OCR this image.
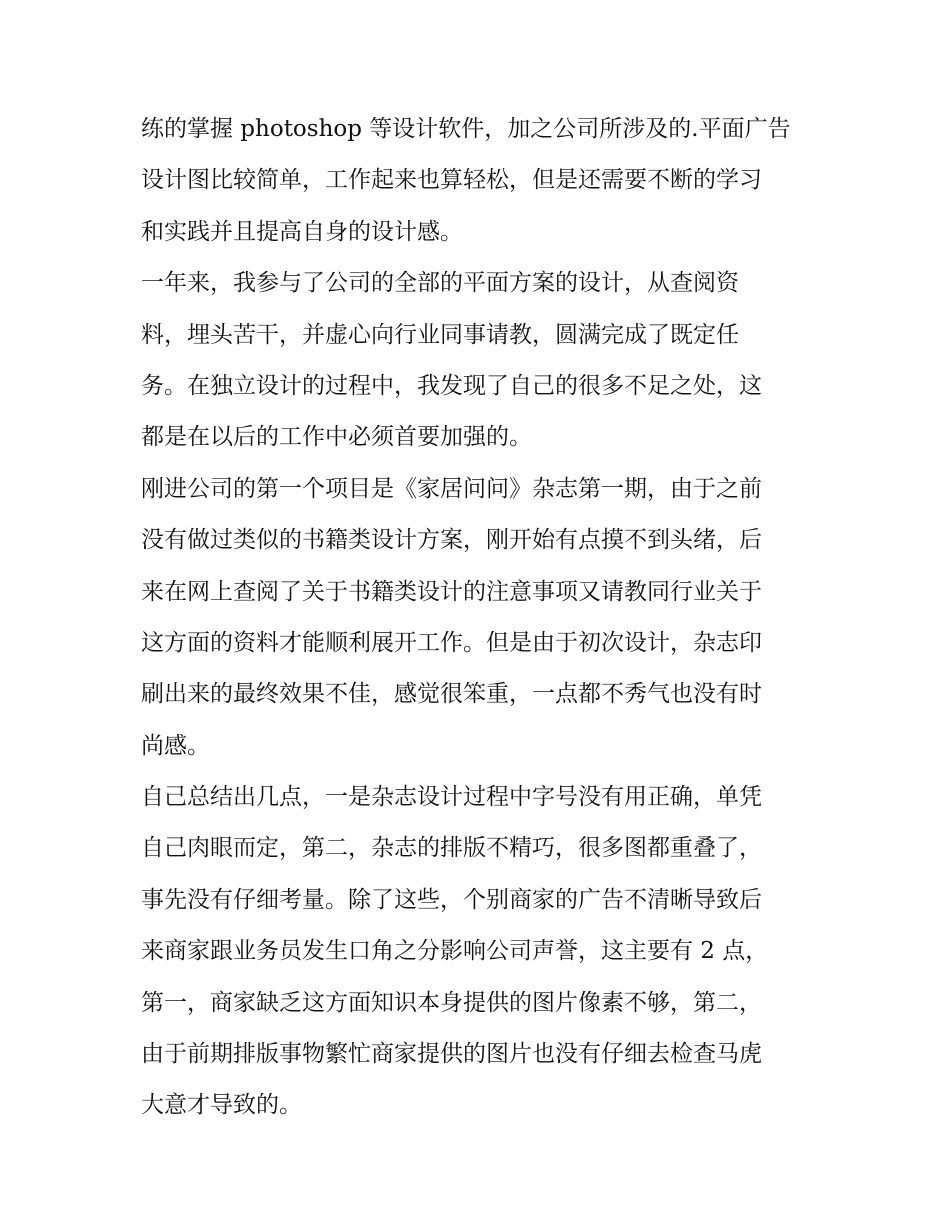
练的掌握 photoshop 等设计软件，加之公司所涉及的.平面广告
设计图比较简单，工作起来也算轻松，但是还需要不断的学习
和实践并且提高自身的设计感。
一年来，我参与了公司的全部的平面方案的设计，从查阅资
料，埋头苦干，并虚心向行业同事请教，圆满完成了既定任
务。在独立设计的过程中，我发现了自己的很多不足之处，这
都是在以后的工作中必须首要加强的。
刚进公司的第一个项目是《家居问问》杂志第一期，由于之前
没有做过类似的书籍类设计方案，刚开始有点摸不到头绪，后
来在网上查阅了关于书籍类设计的注意事项又请教同行业关于
这方面的资料才能顺利展开工作。但是由于初次设计，杂志印
刷出来的最终效果不佳，感觉很笨重，一点都不秀气也没有时
尚感。
自己总结出几点，一是杂志设计过程中字号没有用正确，单凭
自己肉眼而定，第二，杂志的排版不精巧，很多图都重叠了，
事先没有仔细考量。除了这些，个别商家的广告不清晰导致后
来商家跟业务员发生口角之分影响公司声誉，这主要有 2 点，
第一，商家缺乏这方面知识本身提供的图片像素不够，第二，
由于前期排版事物繁忙商家提供的图片也没有仔细去检查马虎
大意才导致的。
